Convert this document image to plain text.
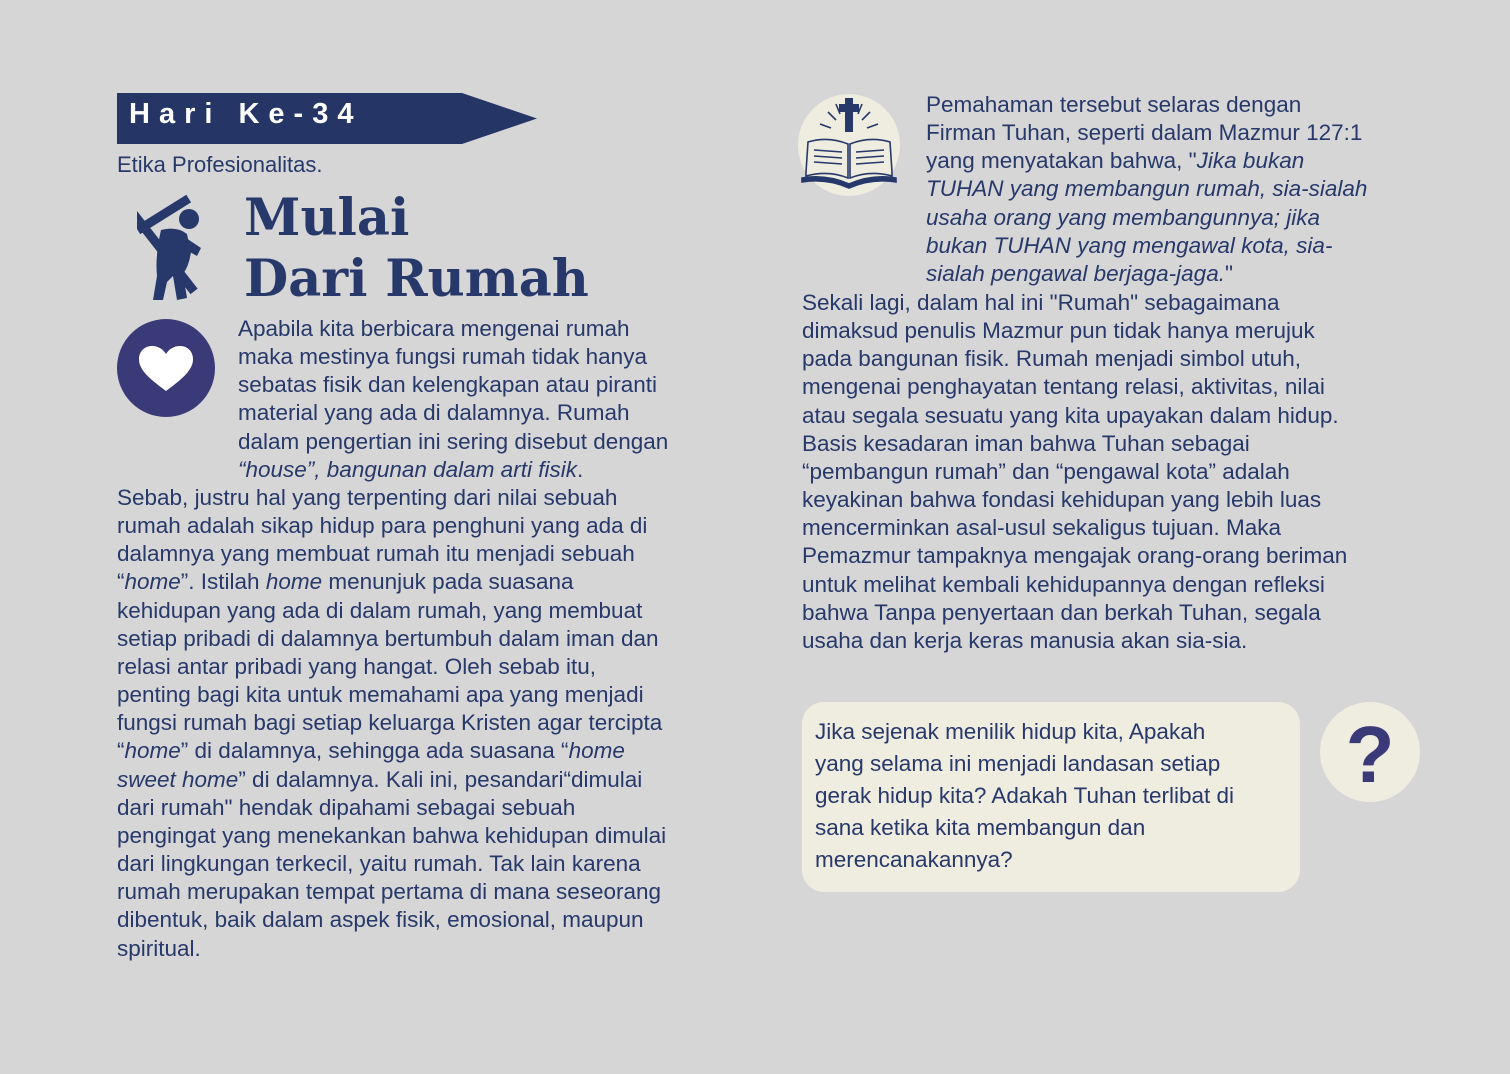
Hari Ke-34
Etika Profesionalitas.
Mulai
Dari Rumah
Apabila kita berbicara mengenai rumah
maka mestinya fungsi rumah tidak hanya
sebatas fisik dan kelengkapan atau piranti
material yang ada di dalamnya. Rumah
dalam pengertian ini sering disebut dengan
“house”, bangunan dalam arti fisik.
Sebab, justru hal yang terpenting dari nilai sebuah
rumah adalah sikap hidup para penghuni yang ada di
dalamnya yang membuat rumah itu menjadi sebuah
“home”. Istilah home menunjuk pada suasana
kehidupan yang ada di dalam rumah, yang membuat
setiap pribadi di dalamnya bertumbuh dalam iman dan
relasi antar pribadi yang hangat. Oleh sebab itu,
penting bagi kita untuk memahami apa yang menjadi
fungsi rumah bagi setiap keluarga Kristen agar tercipta
“home” di dalamnya, sehingga ada suasana “home
sweet home” di dalamnya. Kali ini, pesandari“dimulai
dari rumah" hendak dipahami sebagai sebuah
pengingat yang menekankan bahwa kehidupan dimulai
dari lingkungan terkecil, yaitu rumah. Tak lain karena
rumah merupakan tempat pertama di mana seseorang
dibentuk, baik dalam aspek fisik, emosional, maupun
spiritual.
Pemahaman tersebut selaras dengan
Firman Tuhan, seperti dalam Mazmur 127:1
yang menyatakan bahwa, "Jika bukan
TUHAN yang membangun rumah, sia-sialah
usaha orang yang membangunnya; jika
bukan TUHAN yang mengawal kota, sia-
sialah pengawal berjaga-jaga."
Sekali lagi, dalam hal ini "Rumah" sebagaimana
dimaksud penulis Mazmur pun tidak hanya merujuk
pada bangunan fisik. Rumah menjadi simbol utuh,
mengenai penghayatan tentang relasi, aktivitas, nilai
atau segala sesuatu yang kita upayakan dalam hidup.
Basis kesadaran iman bahwa Tuhan sebagai
“pembangun rumah” dan “pengawal kota” adalah
keyakinan bahwa fondasi kehidupan yang lebih luas
mencerminkan asal-usul sekaligus tujuan. Maka
Pemazmur tampaknya mengajak orang-orang beriman
untuk melihat kembali kehidupannya dengan refleksi
bahwa Tanpa penyertaan dan berkah Tuhan, segala
usaha dan kerja keras manusia akan sia-sia.
Jika sejenak menilik hidup kita, Apakah
yang selama ini menjadi landasan setiap
gerak hidup kita? Adakah Tuhan terlibat di
sana ketika kita membangun dan
merencanakannya?
?
